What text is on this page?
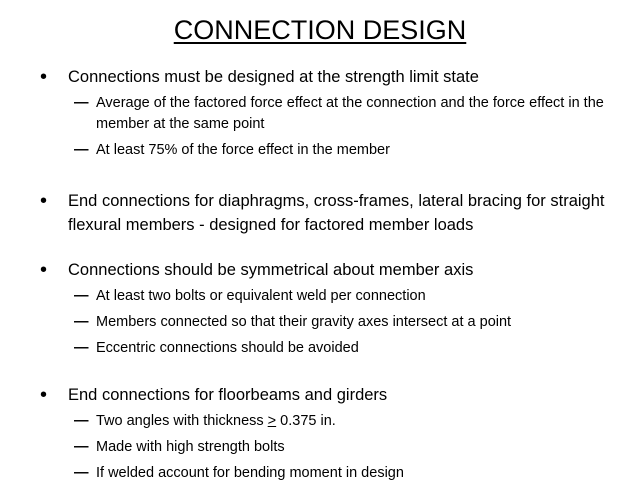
CONNECTION DESIGN
• Connections must be designed at the strength limit state
— Average of the factored force effect at the connection and the force effect in the member at the same point
— At least 75% of the force effect in the member
• End connections for diaphragms, cross-frames, lateral bracing for straight flexural members - designed for factored member loads
• Connections should be symmetrical about member axis
— At least two bolts or equivalent weld per connection
— Members connected so that their gravity axes intersect at a point
— Eccentric connections should be avoided
• End connections for floorbeams and girders
— Two angles with thickness ≥ 0.375 in.
— Made with high strength bolts
— If welded account for bending moment in design
